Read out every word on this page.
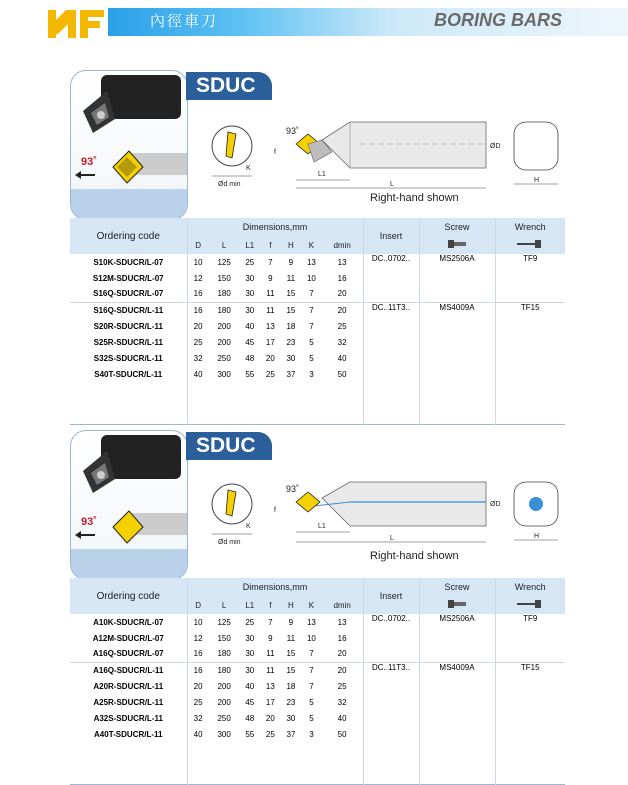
內徑車刀	BORING BARS
93˚
SDUC
Ød min
K
93˚
f
L1
L
ØD
H
Right-hand shown
Ordering code	Dimensions,mm							Insert	Screw	Wrench
	D	L	L1	f	H	K	dmin		
S10K-SDUCR/L-07	10	125	25	7	9	13	13	DC..0702..	MS2506A	TF9
S12M-SDUCR/L-07	12	150	30	9	11	10	16			
S16Q-SDUCR/L-07	16	180	30	11	15	7	20			
S16Q-SDUCR/L-11	16	180	30	11	15	7	20	DC..11T3..	MS4009A	TF15
S20R-SDUCR/L-11	20	200	40	13	18	7	25			
S25R-SDUCR/L-11	25	200	45	17	23	5	32			
S32S-SDUCR/L-11	32	250	48	20	30	5	40			
S40T-SDUCR/L-11	40	300	55	25	37	3	50			

93˚
SDUC
Ød min
K
93˚
f
L1
L
ØD
H
Right-hand shown
Ordering code	Dimensions,mm							Insert	Screw	Wrench
	D	L	L1	f	H	K	dmin		
A10K-SDUCR/L-07	10	125	25	7	9	13	13	DC..0702..	MS2506A	TF9
A12M-SDUCR/L-07	12	150	30	9	11	10	16			
A16Q-SDUCR/L-07	16	180	30	11	15	7	20			
A16Q-SDUCR/L-11	16	180	30	11	15	7	20	DC..11T3..	MS4009A	TF15
A20R-SDUCR/L-11	20	200	40	13	18	7	25			
A25R-SDUCR/L-11	25	200	45	17	23	5	32			
A32S-SDUCR/L-11	32	250	48	20	30	5	40			
A40T-SDUCR/L-11	40	300	55	25	37	3	50			
